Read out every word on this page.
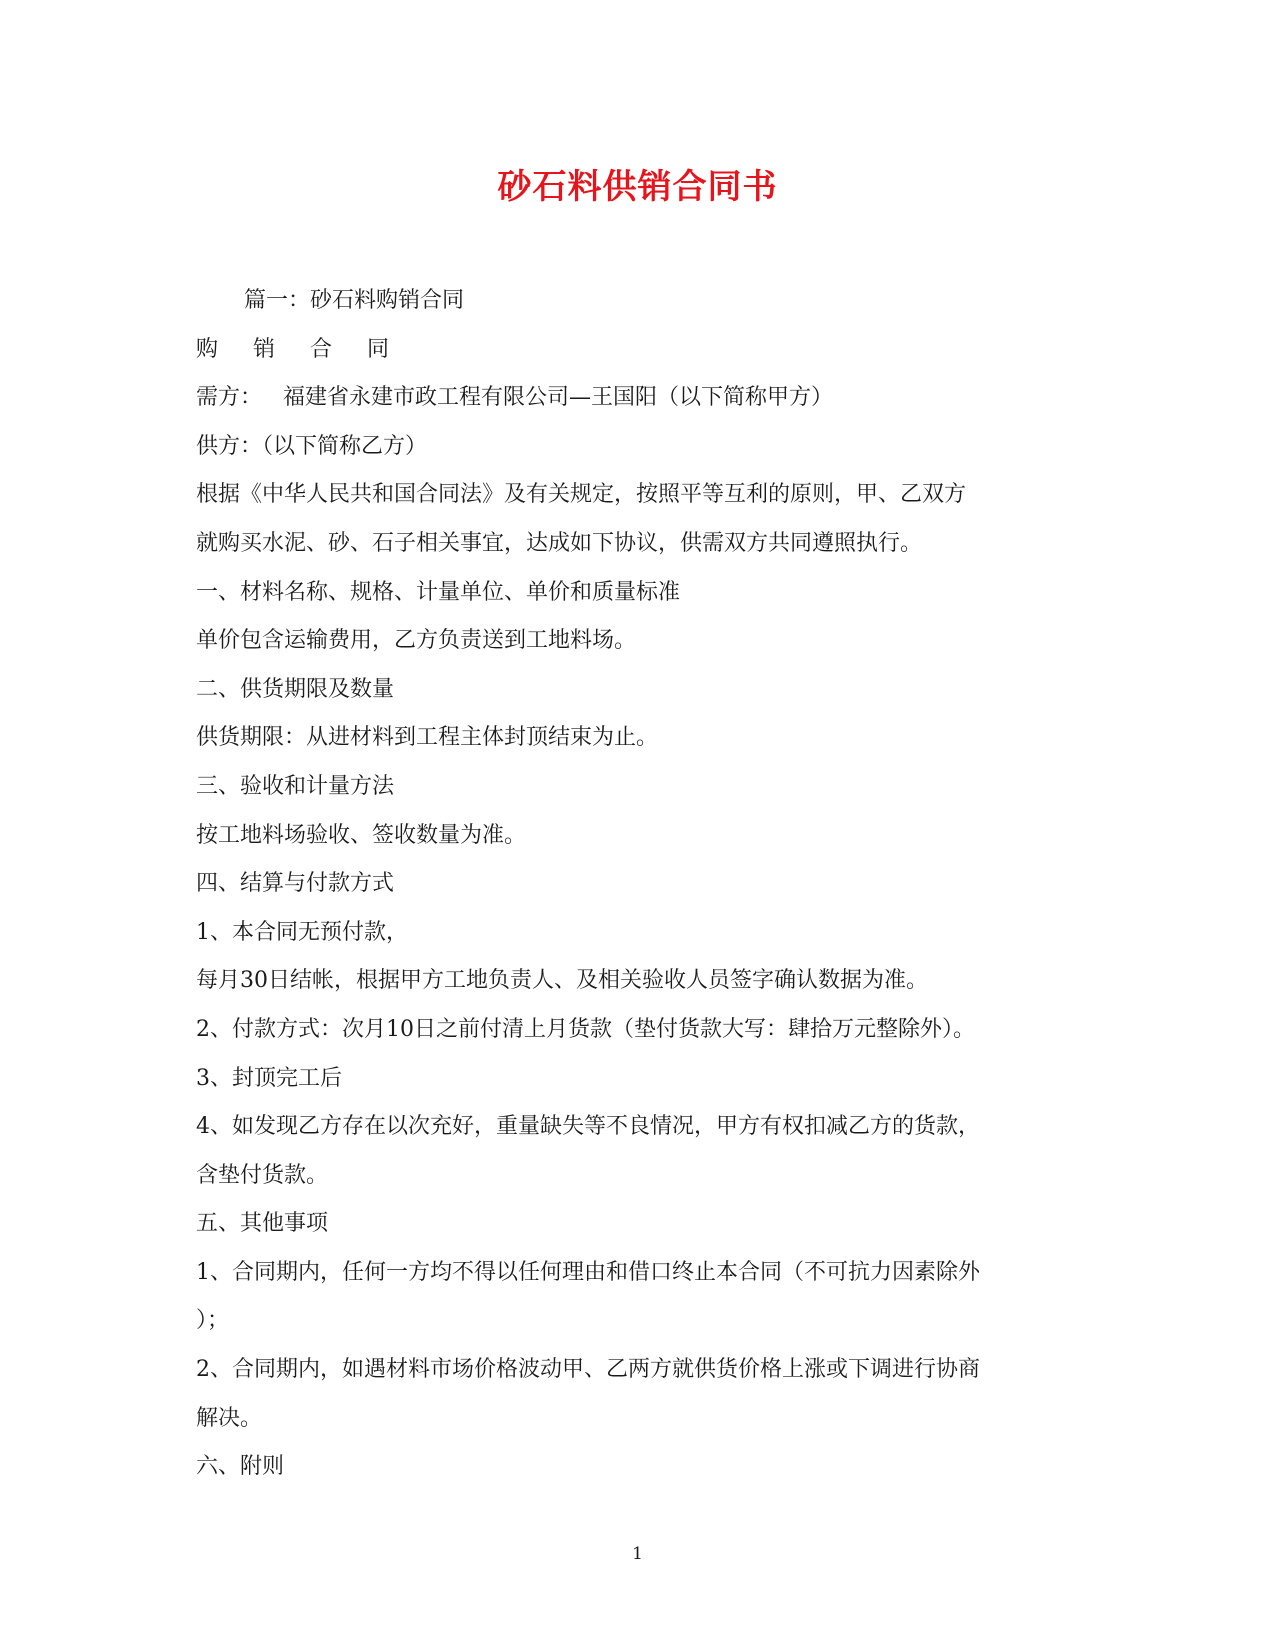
砂石料供销合同书

篇一：砂石料购销合同

购 销 合 同

需方：   福建省永建市政工程有限公司—王国阳（以下简称甲方）

供方：（以下简称乙方）

根据《中华人民共和国合同法》及有关规定，按照平等互利的原则，甲、乙双方

就购买水泥、砂、石子相关事宜，达成如下协议，供需双方共同遵照执行。

一、材料名称、规格、计量单位、单价和质量标准

单价包含运输费用，乙方负责送到工地料场。

二、供货期限及数量

供货期限：从进材料到工程主体封顶结束为止。

三、验收和计量方法

按工地料场验收、签收数量为准。

四、结算与付款方式

1、本合同无预付款，

每月30日结帐，根据甲方工地负责人、及相关验收人员签字确认数据为准。

2、付款方式：次月10日之前付清上月货款（垫付货款大写：肆拾万元整除外）。

3、封顶完工后

4、如发现乙方存在以次充好，重量缺失等不良情况，甲方有权扣减乙方的货款，

含垫付货款。

五、其他事项

1、合同期内，任何一方均不得以任何理由和借口终止本合同（不可抗力因素除外

）；

2、合同期内，如遇材料市场价格波动甲、乙两方就供货价格上涨或下调进行协商

解决。

六、附则

1
